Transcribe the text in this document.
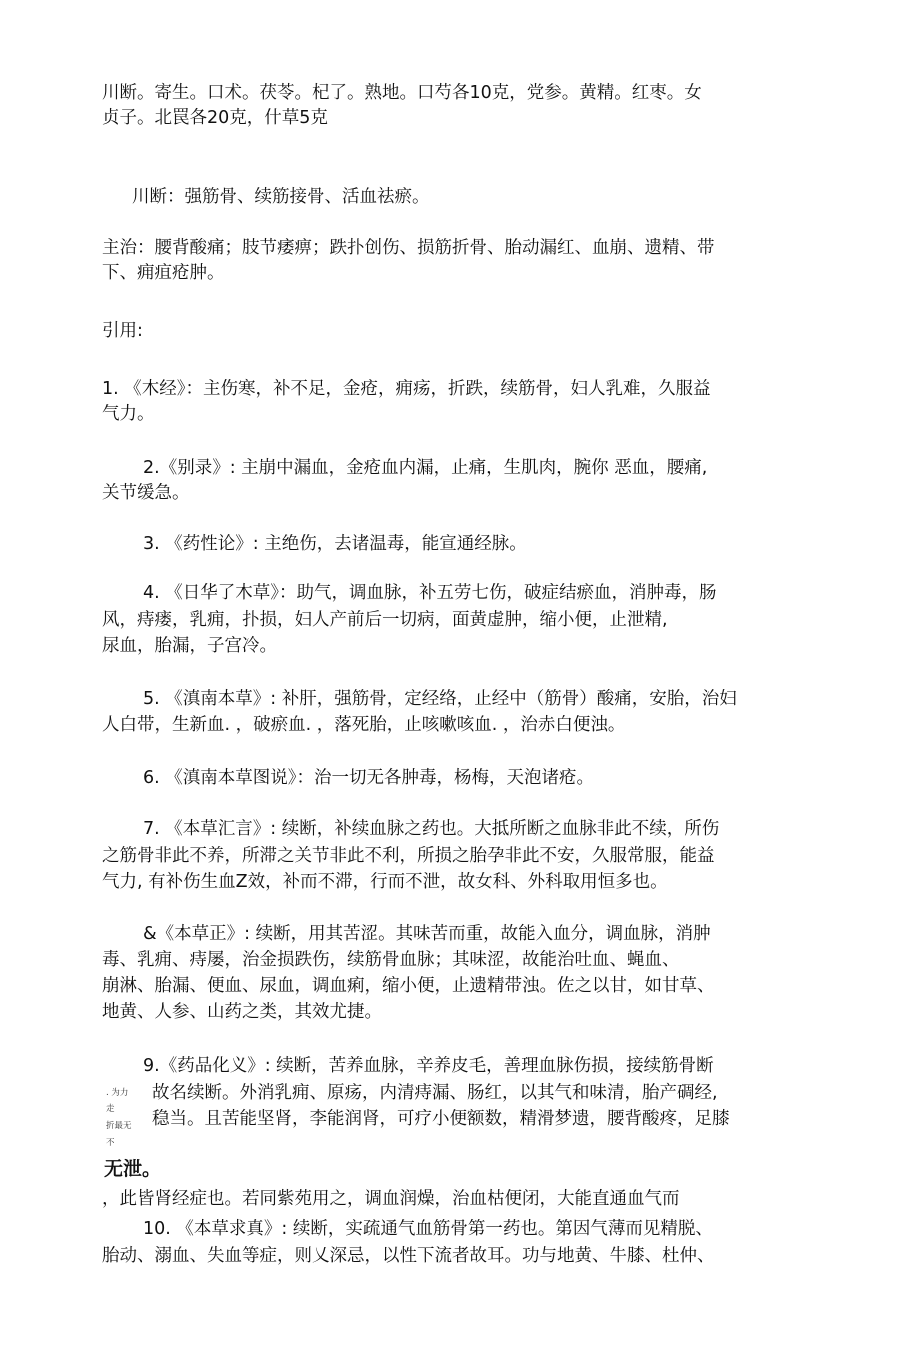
川断。寄生。口术。茯苓。杞了。熟地。口芍各10克，党参。黄精。红枣。女

贞子。北罠各20克，什草5克

川断：强筋骨、续筋接骨、活血祛瘀。

主治：腰背酸痛；肢节痿痹；跌扑创伤、损筋折骨、胎动漏红、血崩、遗精、带

下、痈疽疮肿。

引用:

1. 《木经》：主伤寒，补不足，金疮，痈疡，折跌，续筋骨，妇人乳难，久服益

气力。

2.《别录》: 主崩中漏血，金疮血内漏，止痛，生肌肉，腕你 恶血，腰痛,

关节缓急。

3. 《药性论》: 主绝伤，去诸温毒，能宣通经脉。

4. 《日华了木草》：助气，调血脉，补五劳七伤，破症结瘀血，消肿毒，肠

风，痔瘘，乳痈，扑损，妇人产前后一切病，面黄虚肿，缩小便，止泄精,

尿血，胎漏，子宫冷。

5. 《滇南本草》: 补肝，强筋骨，定经络，止经中（筋骨）酸痛，安胎，治妇

人白带，生新血. ，破瘀血. ，落死胎，止咳嗽咳血. ，治赤白便浊。

6. 《滇南本草图说》：治一切无各肿毒，杨梅，天泡诸疮。

7. 《本草汇言》: 续断，补续血脉之药也。大抵所断之血脉非此不续，所伤

之筋骨非此不养，所滞之关节非此不利，所损之胎孕非此不安，久服常服，能益

气力, 有补伤生血Z效，补而不滞，行而不泄，故女科、外科取用恒多也。

&《本草正》: 续断，用其苦涩。其味苦而重，故能入血分，调血脉，消肿

毒、乳痈、痔屡，治金损跌伤，续筋骨血脉；其味涩，故能治吐血、蝇血、

崩淋、胎漏、便血、尿血，调血痢，缩小便，止遗精带浊。佐之以甘，如甘草、

地黄、人参、山药之类，其效尤捷。

9.《药品化义》: 续断，苦养血脉，辛养皮毛，善理血脉伤损，接续筋骨断

故名续断。外消乳痈、原疡，内清痔漏、肠红，以其气和味清，胎产碉经,

稳当。且苦能坚肾，李能润肾，可疗小便额数，精滑梦遗，腰背酸疼，足膝

. 为力

走

折最无

不

无泄。

，此皆肾经症也。若同紫苑用之，调血润燥，治血枯便闭，大能直通血气而

10. 《本草求真》: 续断，实疏通气血筋骨第一药也。第因气薄而见精脱、

胎动、溺血、失血等症，则乂深忌，以性下流者故耳。功与地黄、牛膝、杜仲、
